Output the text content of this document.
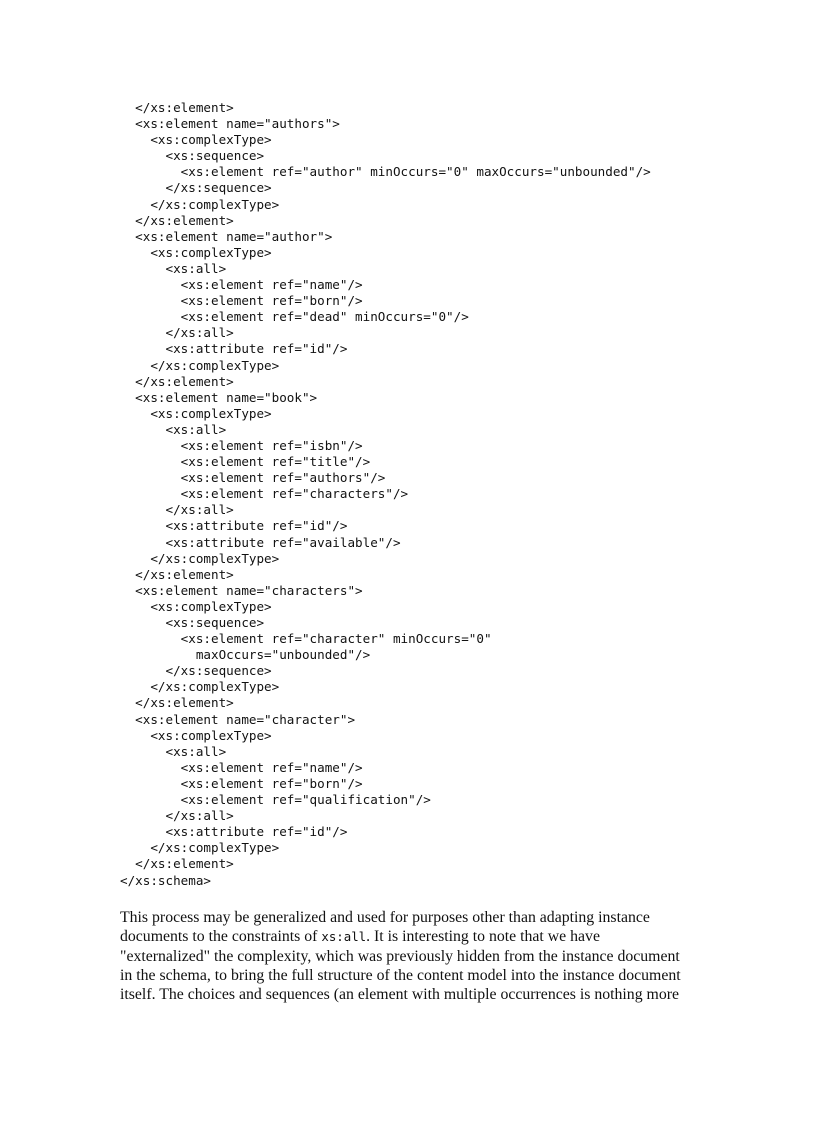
</xs:element>
<xs:element name="authors">
<xs:complexType>
<xs:sequence>
<xs:element ref="author" minOccurs="0" maxOccurs="unbounded"/>
</xs:sequence>
</xs:complexType>
</xs:element>
<xs:element name="author">
<xs:complexType>
<xs:all>
<xs:element ref="name"/>
<xs:element ref="born"/>
<xs:element ref="dead" minOccurs="0"/>
</xs:all>
<xs:attribute ref="id"/>
</xs:complexType>
</xs:element>
<xs:element name="book">
<xs:complexType>
<xs:all>
<xs:element ref="isbn"/>
<xs:element ref="title"/>
<xs:element ref="authors"/>
<xs:element ref="characters"/>
</xs:all>
<xs:attribute ref="id"/>
<xs:attribute ref="available"/>
</xs:complexType>
</xs:element>
<xs:element name="characters">
<xs:complexType>
<xs:sequence>
<xs:element ref="character" minOccurs="0"
maxOccurs="unbounded"/>
</xs:sequence>
</xs:complexType>
</xs:element>
<xs:element name="character">
<xs:complexType>
<xs:all>
<xs:element ref="name"/>
<xs:element ref="born"/>
<xs:element ref="qualification"/>
</xs:all>
<xs:attribute ref="id"/>
</xs:complexType>
</xs:element>
</xs:schema>
This process may be generalized and used for purposes other than adapting instance
documents to the constraints of xs:all. It is interesting to note that we have
"externalized" the complexity, which was previously hidden from the instance document
in the schema, to bring the full structure of the content model into the instance document
itself. The choices and sequences (an element with multiple occurrences is nothing more
